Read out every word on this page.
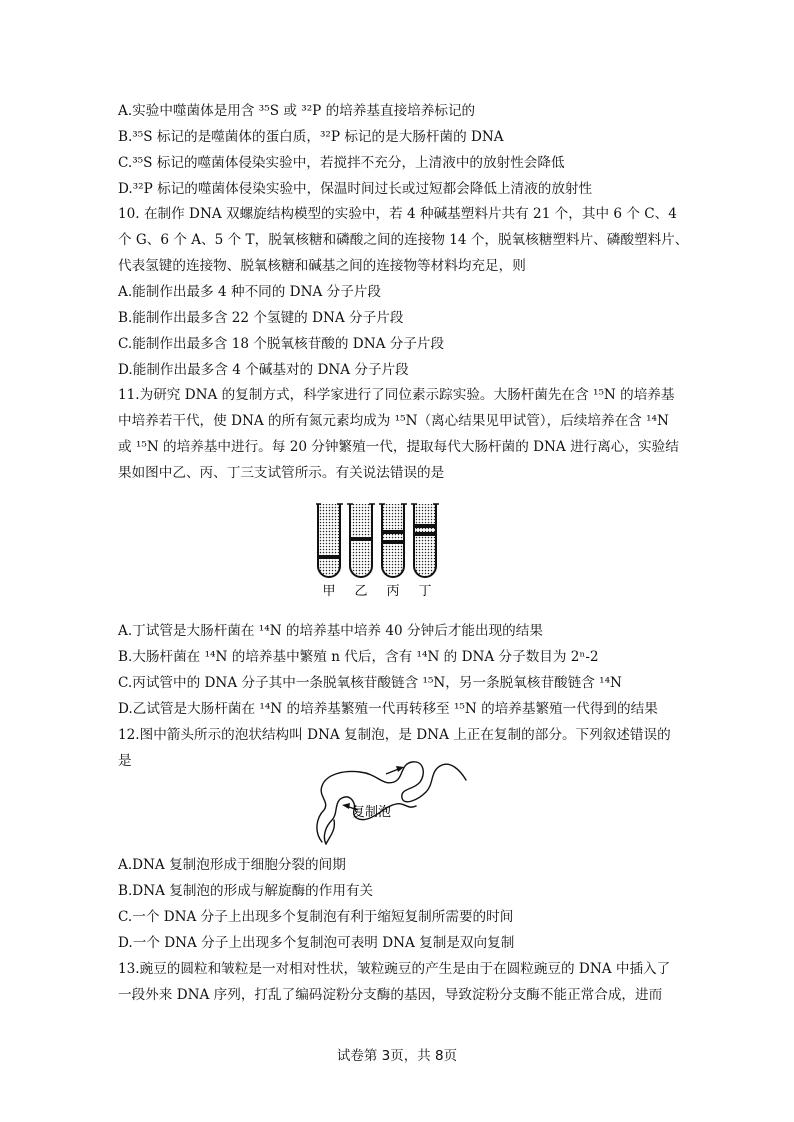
A.实验中噬菌体是用含 ³⁵S 或 ³²P 的培养基直接培养标记的
B.³⁵S 标记的是噬菌体的蛋白质，³²P 标记的是大肠杆菌的 DNA
C.³⁵S 标记的噬菌体侵染实验中，若搅拌不充分，上清液中的放射性会降低
D.³²P 标记的噬菌体侵染实验中，保温时间过长或过短都会降低上清液的放射性
10. 在制作 DNA 双螺旋结构模型的实验中，若 4 种碱基塑料片共有 21 个，其中 6 个 C、4
个 G、6 个 A、5 个 T，脱氧核糖和磷酸之间的连接物 14 个，脱氧核糖塑料片、磷酸塑料片、
代表氢键的连接物、脱氧核糖和碱基之间的连接物等材料均充足，则
A.能制作出最多 4 种不同的 DNA 分子片段
B.能制作出最多含 22 个氢键的 DNA 分子片段
C.能制作出最多含 18 个脱氧核苷酸的 DNA 分子片段
D.能制作出最多含 4 个碱基对的 DNA 分子片段
11.为研究 DNA 的复制方式，科学家进行了同位素示踪实验。大肠杆菌先在含 ¹⁵N 的培养基
中培养若干代，使 DNA 的所有氮元素均成为 ¹⁵N（离心结果见甲试管），后续培养在含 ¹⁴N
或 ¹⁵N 的培养基中进行。每 20 分钟繁殖一代，提取每代大肠杆菌的 DNA 进行离心，实验结
果如图中乙、丙、丁三支试管所示。有关说法错误的是
甲 乙 丙 丁
A.丁试管是大肠杆菌在 ¹⁴N 的培养基中培养 40 分钟后才能出现的结果
B.大肠杆菌在 ¹⁴N 的培养基中繁殖 n 代后，含有 ¹⁴N 的 DNA 分子数目为 2ⁿ-2
C.丙试管中的 DNA 分子其中一条脱氧核苷酸链含 ¹⁵N，另一条脱氧核苷酸链含 ¹⁴N
D.乙试管是大肠杆菌在 ¹⁴N 的培养基繁殖一代再转移至 ¹⁵N 的培养基繁殖一代得到的结果
12.图中箭头所示的泡状结构叫 DNA 复制泡，是 DNA 上正在复制的部分。下列叙述错误的
是
复制泡
A.DNA 复制泡形成于细胞分裂的间期
B.DNA 复制泡的形成与解旋酶的作用有关
C.一个 DNA 分子上出现多个复制泡有利于缩短复制所需要的时间
D.一个 DNA 分子上出现多个复制泡可表明 DNA 复制是双向复制
13.豌豆的圆粒和皱粒是一对相对性状，皱粒豌豆的产生是由于在圆粒豌豆的 DNA 中插入了
一段外来 DNA 序列，打乱了编码淀粉分支酶的基因，导致淀粉分支酶不能正常合成，进而
试卷第 3页，共 8页
